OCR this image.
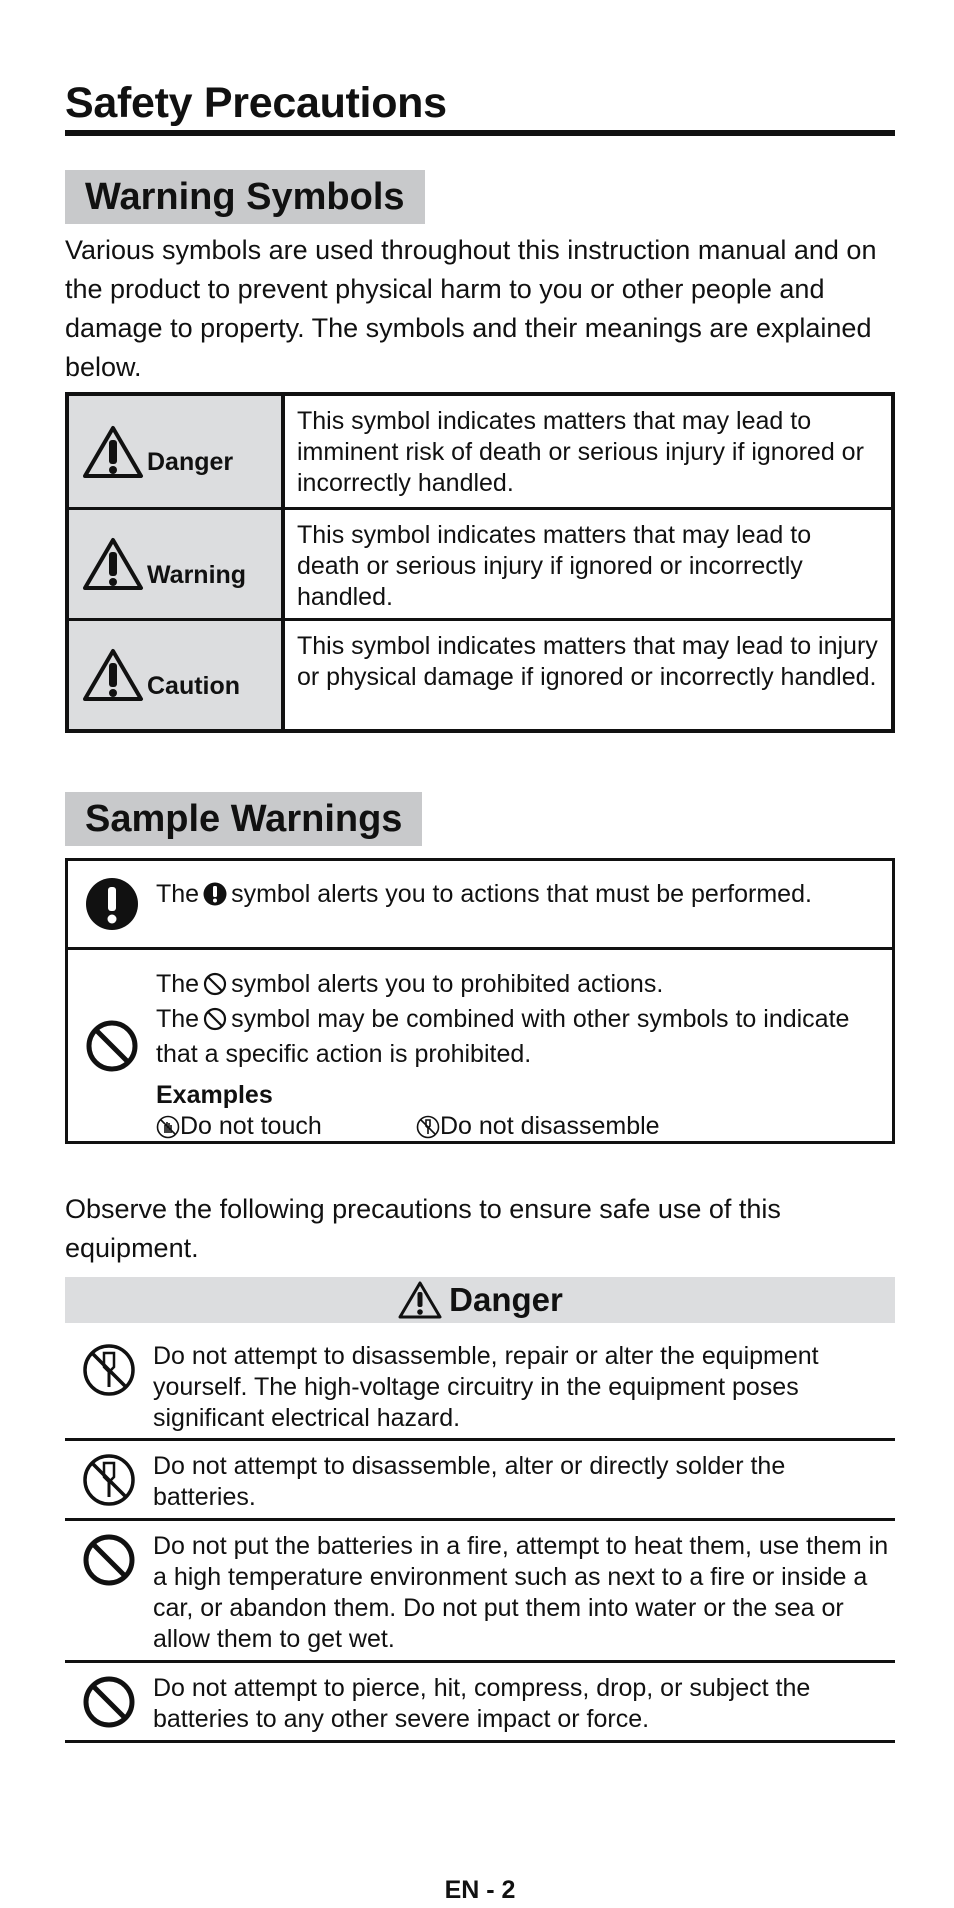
Safety Precautions
Warning Symbols
Various symbols are used throughout this instruction manual and on the product to prevent physical harm to you or other people and damage to property. The symbols and their meanings are explained below.
Danger
This symbol indicates matters that may lead to imminent risk of death or serious injury if ignored or incorrectly handled.
Warning
This symbol indicates matters that may lead to death or serious injury if ignored or incorrectly handled.
Caution
This symbol indicates matters that may lead to injury or physical damage if ignored or incorrectly handled.
Sample Warnings
The symbol alerts you to actions that must be performed.
The symbol alerts you to prohibited actions.
The symbol may be combined with other symbols to indicate that a specific action is prohibited.
Examples
Do not touch	Do not disassemble
Observe the following precautions to ensure safe use of this equipment.
Danger
Do not attempt to disassemble, repair or alter the equipment yourself. The high-voltage circuitry in the equipment poses significant electrical hazard.
Do not attempt to disassemble, alter or directly solder the batteries.
Do not put the batteries in a fire, attempt to heat them, use them in a high temperature environment such as next to a fire or inside a car, or abandon them. Do not put them into water or the sea or allow them to get wet.
Do not attempt to pierce, hit, compress, drop, or subject the batteries to any other severe impact or force.
EN - 2
